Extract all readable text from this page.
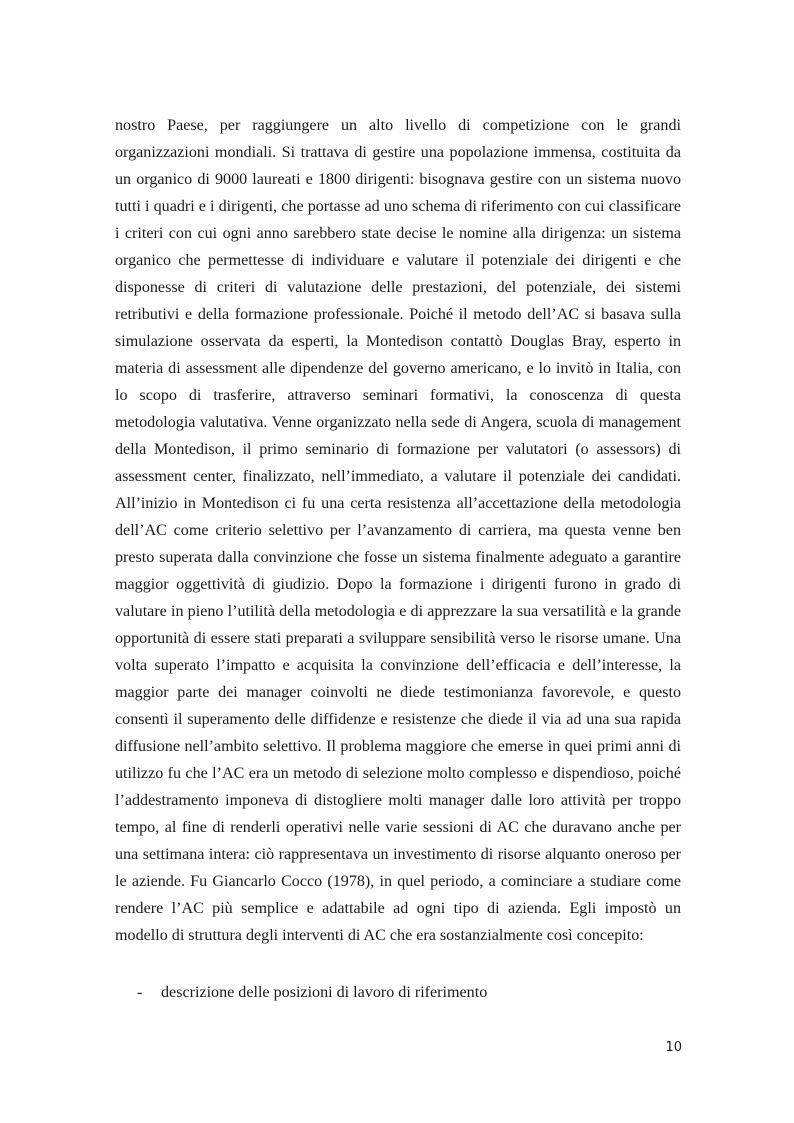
nostro Paese, per raggiungere un alto livello di competizione con le grandi organizzazioni mondiali. Si trattava di gestire una popolazione immensa, costituita da un organico di 9000 laureati e 1800 dirigenti: bisognava gestire con un sistema nuovo tutti i quadri e i dirigenti, che portasse ad uno schema di riferimento con cui classificare i criteri con cui ogni anno sarebbero state decise le nomine alla dirigenza: un sistema organico che permettesse di individuare e valutare il potenziale dei dirigenti e che disponesse di criteri di valutazione delle prestazioni, del potenziale, dei sistemi retributivi e della formazione professionale. Poiché il metodo dell’AC si basava sulla simulazione osservata da esperti, la Montedison contattò Douglas Bray, esperto in materia di assessment alle dipendenze del governo americano, e lo invitò in Italia, con lo scopo di trasferire, attraverso seminari formativi, la conoscenza di questa metodologia valutativa. Venne organizzato nella sede di Angera, scuola di management della Montedison, il primo seminario di formazione per valutatori (o assessors) di assessment center, finalizzato, nell’immediato, a valutare il potenziale dei candidati. All’inizio in Montedison ci fu una certa resistenza all’accettazione della metodologia dell’AC come criterio selettivo per l’avanzamento di carriera, ma questa venne ben presto superata dalla convinzione che fosse un sistema finalmente adeguato a garantire maggior oggettività di giudizio. Dopo la formazione i dirigenti furono in grado di valutare in pieno l’utilità della metodologia e di apprezzare la sua versatilità e la grande opportunità di essere stati preparati a sviluppare sensibilità verso le risorse umane. Una volta superato l’impatto e acquisita la convinzione dell’efficacia e dell’interesse, la maggior parte dei manager coinvolti ne diede testimonianza favorevole, e questo consentì il superamento delle diffidenze e resistenze che diede il via ad una sua rapida diffusione nell’ambito selettivo. Il problema maggiore che emerse in quei primi anni di utilizzo fu che l’AC era un metodo di selezione molto complesso e dispendioso, poiché l’addestramento imponeva di distogliere molti manager dalle loro attività per troppo tempo, al fine di renderli operativi nelle varie sessioni di AC che duravano anche per una settimana intera: ciò rappresentava un investimento di risorse alquanto oneroso per le aziende. Fu Giancarlo Cocco (1978), in quel periodo, a cominciare a studiare come rendere l’AC più semplice e adattabile ad ogni tipo di azienda. Egli impostò un modello di struttura degli interventi di AC che era sostanzialmente così concepito:

- descrizione delle posizioni di lavoro di riferimento
10
